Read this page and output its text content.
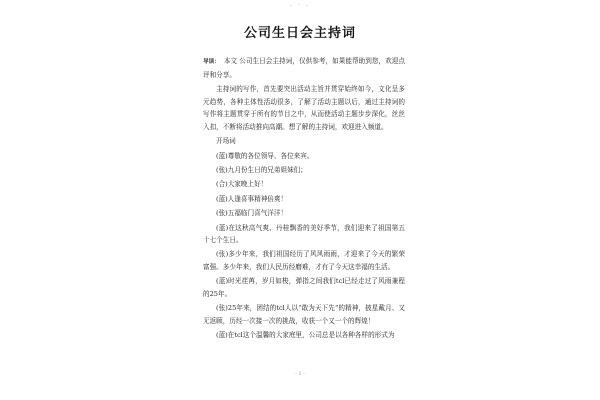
- · -
公司生日会主持词

导读： 本文 公司生日会主持词，仅供参考，如果能帮助到您，欢迎点评和分享。

主持词的写作，首先要突出活动主旨并贯穿始终如今，文化呈多元趋势，各种主体性活动很多，了解了活动主题以后，通过主持词的写作将主题贯穿于所有的节目之中，从而使活动主题步步深化，丝丝入扣，不断将活动推向高潮。想了解的主持词，欢迎进入频道。

开场词

(蓝)尊敬的各位领导、各位来宾。

(张)九月份生日的兄弟姐妹们；

(合)大家晚上好！

(蓝)人逢喜事精神倍爽！

(张)五福临门喜气洋洋！

(蓝)在这秋高气爽、丹桂飘香的美好季节，我们迎来了祖国第五十七个生日。

(张)多少年来，我们祖国经历了风风雨雨，才迎来了今天的繁荣富强。多少年来，我们人民历经磨难，才有了今天这幸福的生活。

(蓝)时光荏苒，岁月如梭，弹指之间我们tcl已经走过了风雨兼程的25年。

(张)25年来，团结的tcl人以“敢为天下先”的精神，披星戴月、又无返顾，历经一次接一次的挑战，收获一个又一个的辉煌！

(蓝)在tcl这个温馨的大家庭里，公司总是以各种各样的形式为

- 1 -
